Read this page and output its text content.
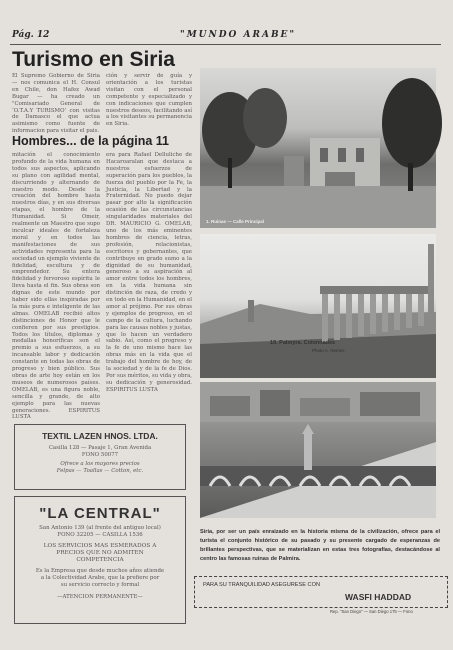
Pág. 12	"MUNDO ARABE"
Turismo en Siria

El Supremo Gobierno de Siria — nos comunica el H. Consul en Chile, don Hafez Awad Bugar — ha creado un "Comisariado General de ‘O.T.A.Y TURISMO’ con visitas de Damasco el que actua asimismo como fuente de informacion para visitar el pais.

ción y servir de guía y orientación a los turistas visitan con el personal competente y especializado y con indicaciones que cumplen nuestros deseos, facilitando así a los visitantes su permanencia en Siria.

Hombres... de la página 11

mitación el conocimiento profundo de la vida humana en todos sus aspectos, aplicando su plano con agilidad mental, discurriendo y alternando de nuestro modo. Desde la creación del hombre hasta nuestros días, y en sus diversas etapas, el hombre de la Humanidad. Si Omeir, realmente un Maestro que supo inculcar ideales de fortaleza moral y en todos las manifestaciones de sus actividades representa para la sociedad un ejemplo viviente de fidelidad, escultura y de emprendedor. Su entera fidelidad y fervoroso espíritu le lleva hasta el fin. Sus obras son dignas de este mundo por haber sido ellas inspiradas por la más pura e inteligente de las almas. OMELAB recibió altos distinciones de Honor que le confieren por sus prestigios. Todos los títulos, diplomas y medallas honoríficas son el premio a sus esfuerzos, a su incansable labor y dedicación constante en todas las obras de progreso y bien público. Sus obras de arte hoy están en los museos de numerosos países. OMELAB, es una figura noble, sencilla y grande, de alto ejemplo para las nuevas generaciones. ESPIRITUS LUSTA

era para Rafael Delluliche de Hacaroaralan que destaca a nuestros esfuerzos de superación para los pueblos, la fuerza del pueblo por la Fe, la Justicia, la Libertad y la Fraternidad. No puedo dejar pasar por alto la significación ocasión de las circunstancias singularidades materiales del DR. MAURICIO G. OMELAB, uno de los más eminentes hombres de ciencia, letras, profesión, relacionistas, escritores y gobernantes, que contribuye en grado sumo a la dignidad de su humanidad, generoso a su aspiración al amor entre todos los hombres, en la vida humana sin distinción de raza, de credo y en todo en la Humanidad, en el amor al prójimo. Por sus obras y ejemplos de progreso, en el campo de la cultura, luchando para las causas nobles y justas, que lo hacen un verdadero sabio. Así, como el progreso y la fe de uno mismo hace las obras más en la vida que el trabajo del hombre de hoy, de la sociedad y de la fe de Dios. Por sus méritos, su vida y obra, su dedicación y generosidad. ESPIRITUS LUSTA

1. Ruinas — Calle Principal
19. Palmyra. Colonnades
Photo A. Nemes
Siria, por ser un país enraizado en la historia misma de la civilización, ofrece para el turista el conjunto histórico de su pasado y su presente cargado de esperanzas de brillantes perspectivas, que se materializan en estas tres fotografías, destacándose al centro las famosas ruinas de Palmira.
TEXTIL LAZEN HNOS. LTDA.
Casilla 128 — Pasaje 1, Gran Avenida
FONO 50077
Ofrece a los mayores precios
Felpas — Toallas — Cotton, etc.
"LA CENTRAL"
San Antonio 139 (al frente del antiguo local)
FONO 32205 — CASILLA 1536
LOS SERVICIOS MAS ESMERADOS A
PRECIOS QUE NO ADMITEN
COMPETENCIA
Es la Empresa que desde muchos años atiende
a la Colectividad Arabe, que la prefiere por
su servicio correcto y formal
—ATENCION PERMANENTE—
PARA SU TRANQUILIDAD ASEGURESE CON
WASFI HADDAD
Rep. "San Diego" — San Diego 175 — Fono
